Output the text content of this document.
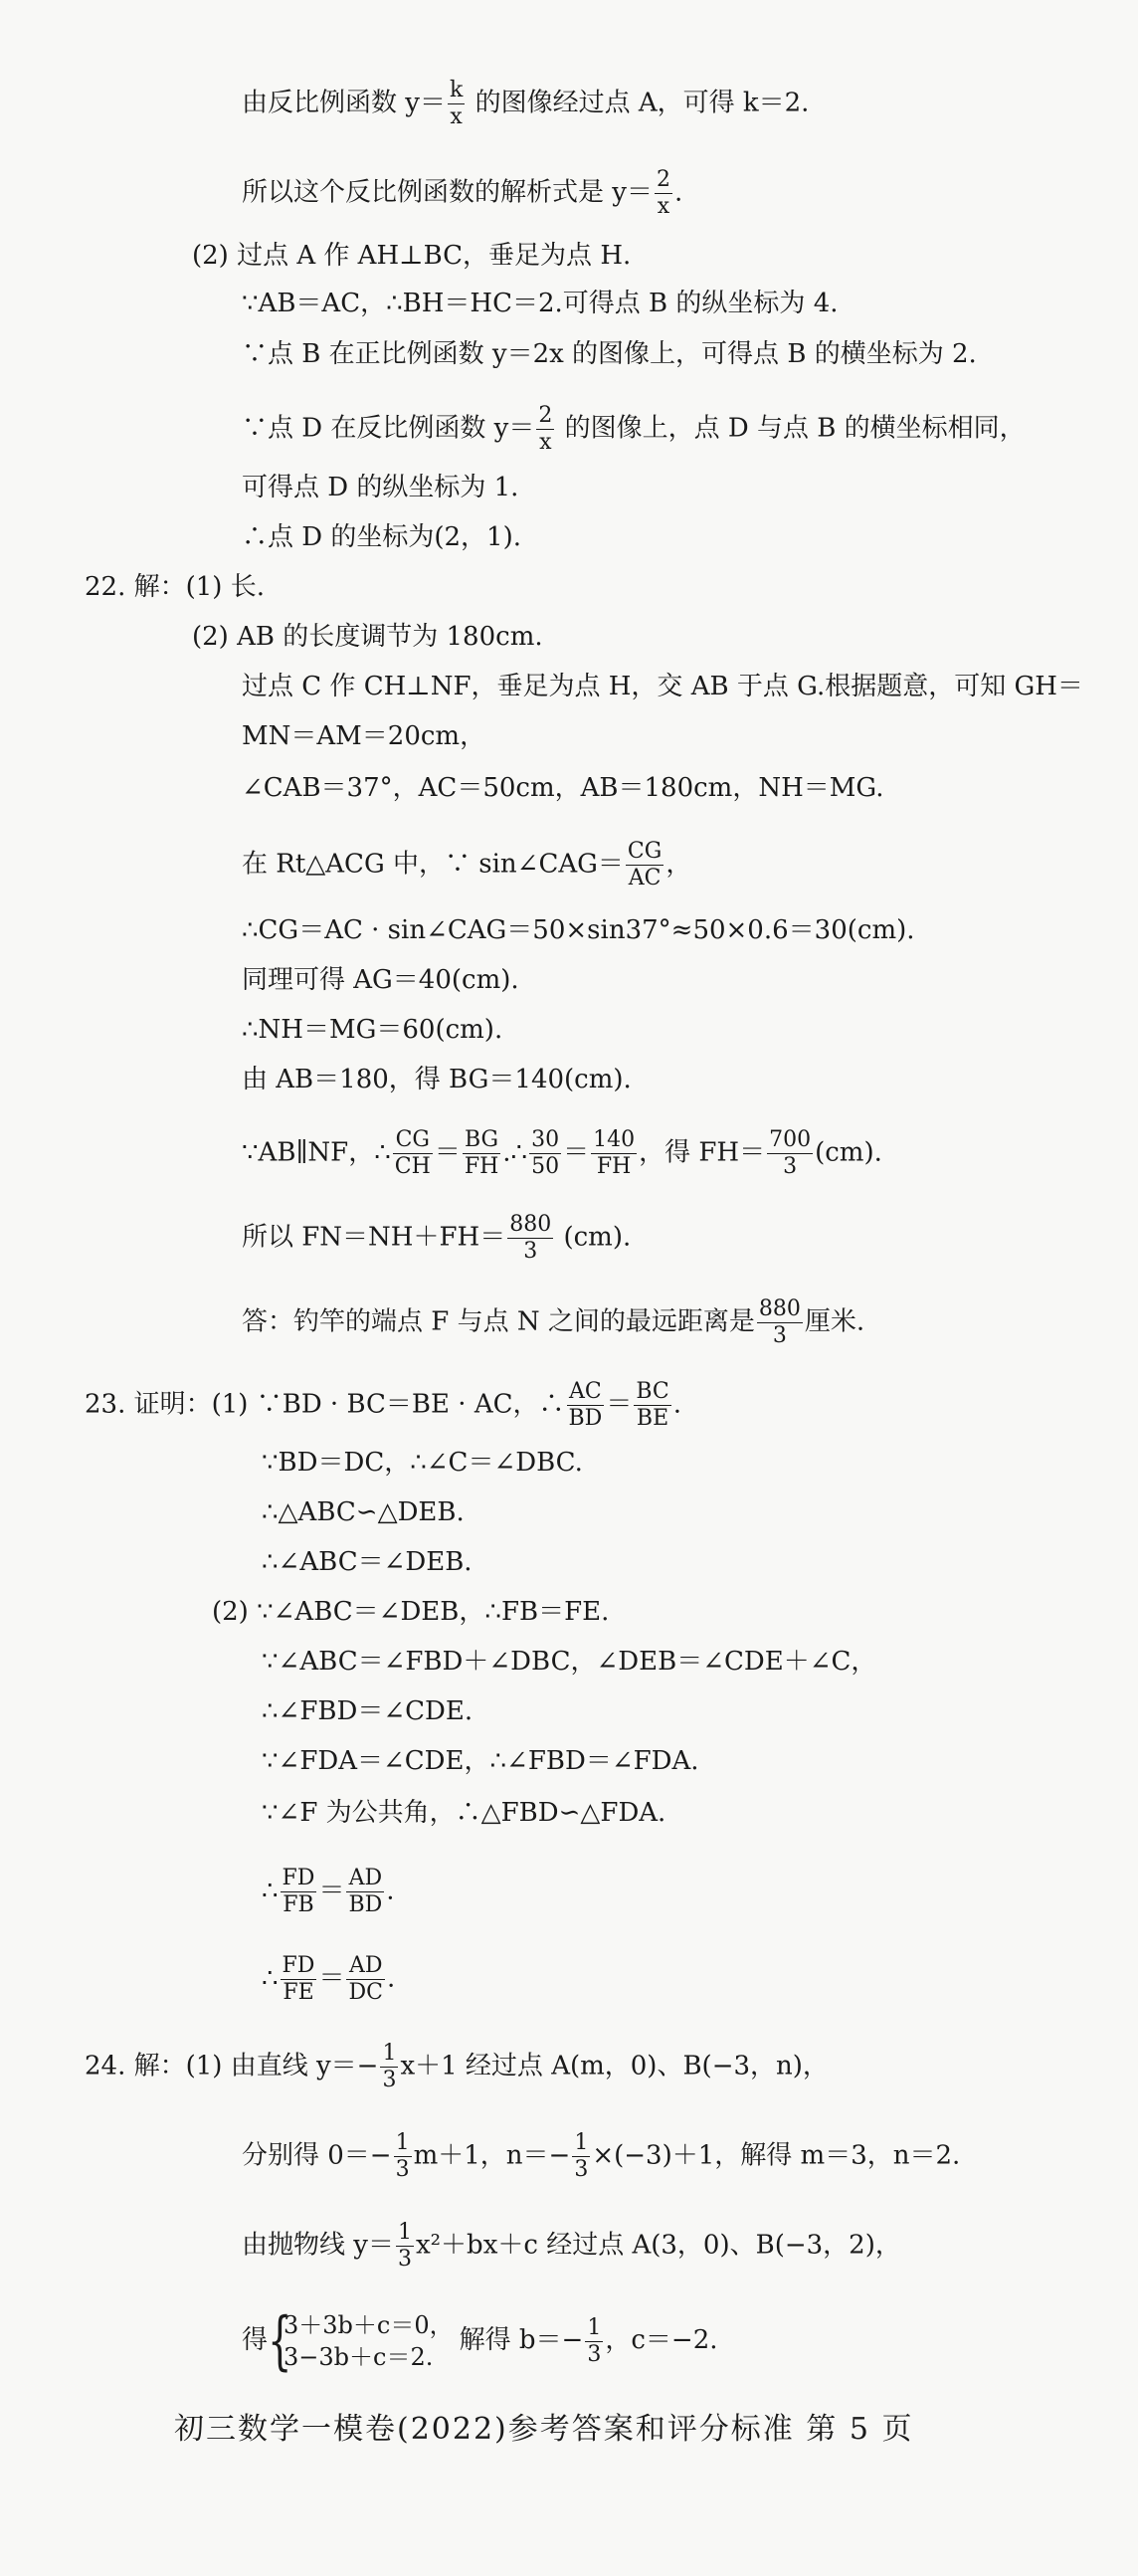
由反比例函数 $y= \frac{k}{x}$ 的图像经过点 A，可得 k＝2.
所以这个反比例函数的解析式是 $y= \frac{2}{x}$ .
(2) 过点 A 作 AH⊥BC，垂足为点 H.
∵AB＝AC，∴BH＝HC＝2.可得点 B 的纵坐标为 4.
∵点 B 在正比例函数 y＝2x 的图像上，可得点 B 的横坐标为 2.
∵点 D 在反比例函数 $y= \frac{2}{x}$ 的图像上，点 D 与点 B 的横坐标相同，
可得点 D 的纵坐标为 1.
∴点 D 的坐标为(2，1).
22. 解：(1) 长.
(2) AB 的长度调节为 180cm.
过点 C 作 CH⊥NF，垂足为点 H，交 AB 于点 G.根据题意，可知 GH＝
MN＝AM＝20cm，
∠CAB＝37°，AC＝50cm，AB＝180cm，NH＝MG.
在 Rt△ACG 中，∵ sin∠CAG＝ $\frac{CG}{AC}$ ，
∴CG＝AC · sin∠CAG＝50×sin37°≈50×0.6＝30(cm).
同理可得 AG＝40(cm).
∴NH＝MG＝60(cm).
由 AB＝180，得 BG＝140(cm).
∵AB∥NF，∴ $\frac{CG}{CH} = \frac{BG}{FH}$ .∴ $\frac{30}{50} = \frac{140}{FH}$ ，得 $FH= \frac{700}{3} (cm)$.
所以 $FN=NH+FH= \frac{880}{3} (cm)$.
答：钓竿的端点 F 与点 N 之间的最远距离是 $\frac{880}{3}$ 厘米.
23. 证明：(1) ∵BD · BC＝BE · AC，∴ $\frac{AC}{BD} = \frac{BC}{BE}$ .
∵BD＝DC，∴∠C＝∠DBC.
∴△ABC∽△DEB.
∴∠ABC＝∠DEB.
(2) ∵∠ABC＝∠DEB，∴FB＝FE.
∵∠ABC＝∠FBD＋∠DBC，∠DEB＝∠CDE＋∠C，
∴∠FBD＝∠CDE.
∵∠FDA＝∠CDE，∴∠FBD＝∠FDA.
∵∠F 为公共角，∴△FBD∽△FDA.
∴ $\frac{FD}{FB} = \frac{AD}{BD}$ .
∴ $\frac{FD}{FE} = \frac{AD}{DC}$ .
24. 解：(1) 由直线 $y=- \frac{1}{3} x+1$ 经过点 A(m，0)、B(−3，n)，
分别得 $0=- \frac{1}{3} m+1$，$n=- \frac{1}{3} \times(-3)+1$，解得 m＝3，n＝2.
由抛物线 $y= \frac{1}{3} x^2+bx+c$ 经过点 A(3，0)、B(−3，2)，
得 {
3＋3b＋c＝0，
3−3b＋c＝2.
解得 $b=- \frac{1}{3}$ ，c＝−2.
初三数学一模卷(2022)参考答案和评分标准 第 5 页
